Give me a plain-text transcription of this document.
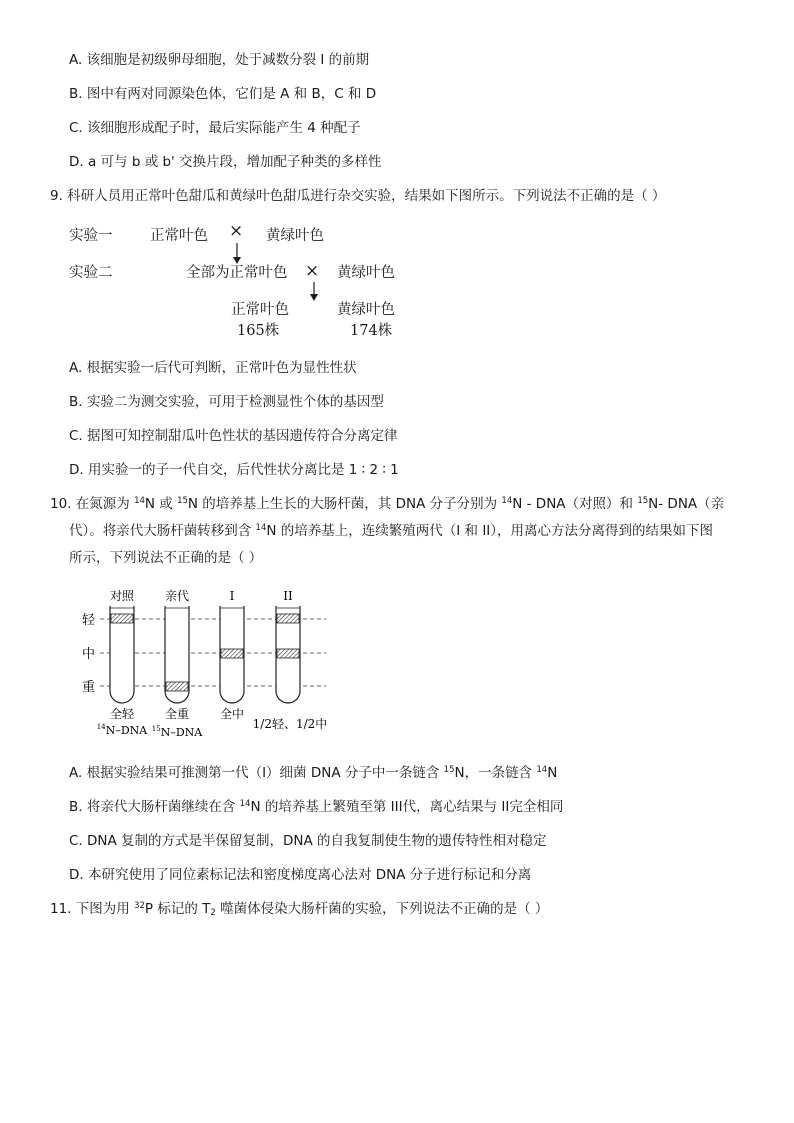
A. 该细胞是初级卵母细胞，处于减数分裂 I 的前期
B. 图中有两对同源染色体，它们是 A 和 B，C 和 D
C. 该细胞形成配子时，最后实际能产生 4 种配子
D. a 可与 b 或 b' 交换片段，增加配子种类的多样性
9. 科研人员用正常叶色甜瓜和黄绿叶色甜瓜进行杂交实验，结果如下图所示。下列说法不正确的是（ ）
实验一	正常叶色 × 黄绿叶色
实验二	全部为正常叶色 × 黄绿叶色
正常叶色	黄绿叶色
165株	174株
A. 根据实验一后代可判断，正常叶色为显性性状
B. 实验二为测交实验，可用于检测显性个体的基因型
C. 据图可知控制甜瓜叶色性状的基因遗传符合分离定律
D. 用实验一的子一代自交，后代性状分离比是 1 ∶ 2 ∶ 1
10. 在氮源为 $^{14}$N 或 $^{15}$N 的培养基上生长的大肠杆菌，其 DNA 分子分别为 $^{14}$N - DNA（对照）和 $^{15}$N- DNA（亲
代）。将亲代大肠杆菌转移到含 $^{14}$N 的培养基上，连续繁殖两代（I 和 II），用离心方法分离得到的结果如下图
所示，下列说法不正确的是（ ）
轻
中
重
对照	亲代	I	II
全轻	全重	全中
1/2轻、1/2中
$^{14}$N–DNA $^{15}$N–DNA
A. 根据实验结果可推测第一代（I）细菌 DNA 分子中一条链含 $^{15}$N，一条链含 $^{14}$N
B. 将亲代大肠杆菌继续在含 $^{14}$N 的培养基上繁殖至第 III代，离心结果与 II完全相同
C. DNA 复制的方式是半保留复制，DNA 的自我复制使生物的遗传特性相对稳定
D. 本研究使用了同位素标记法和密度梯度离心法对 DNA 分子进行标记和分离
11. 下图为用 $^{32}$P 标记的 $T_2$ 噬菌体侵染大肠杆菌的实验，下列说法不正确的是（ ）
